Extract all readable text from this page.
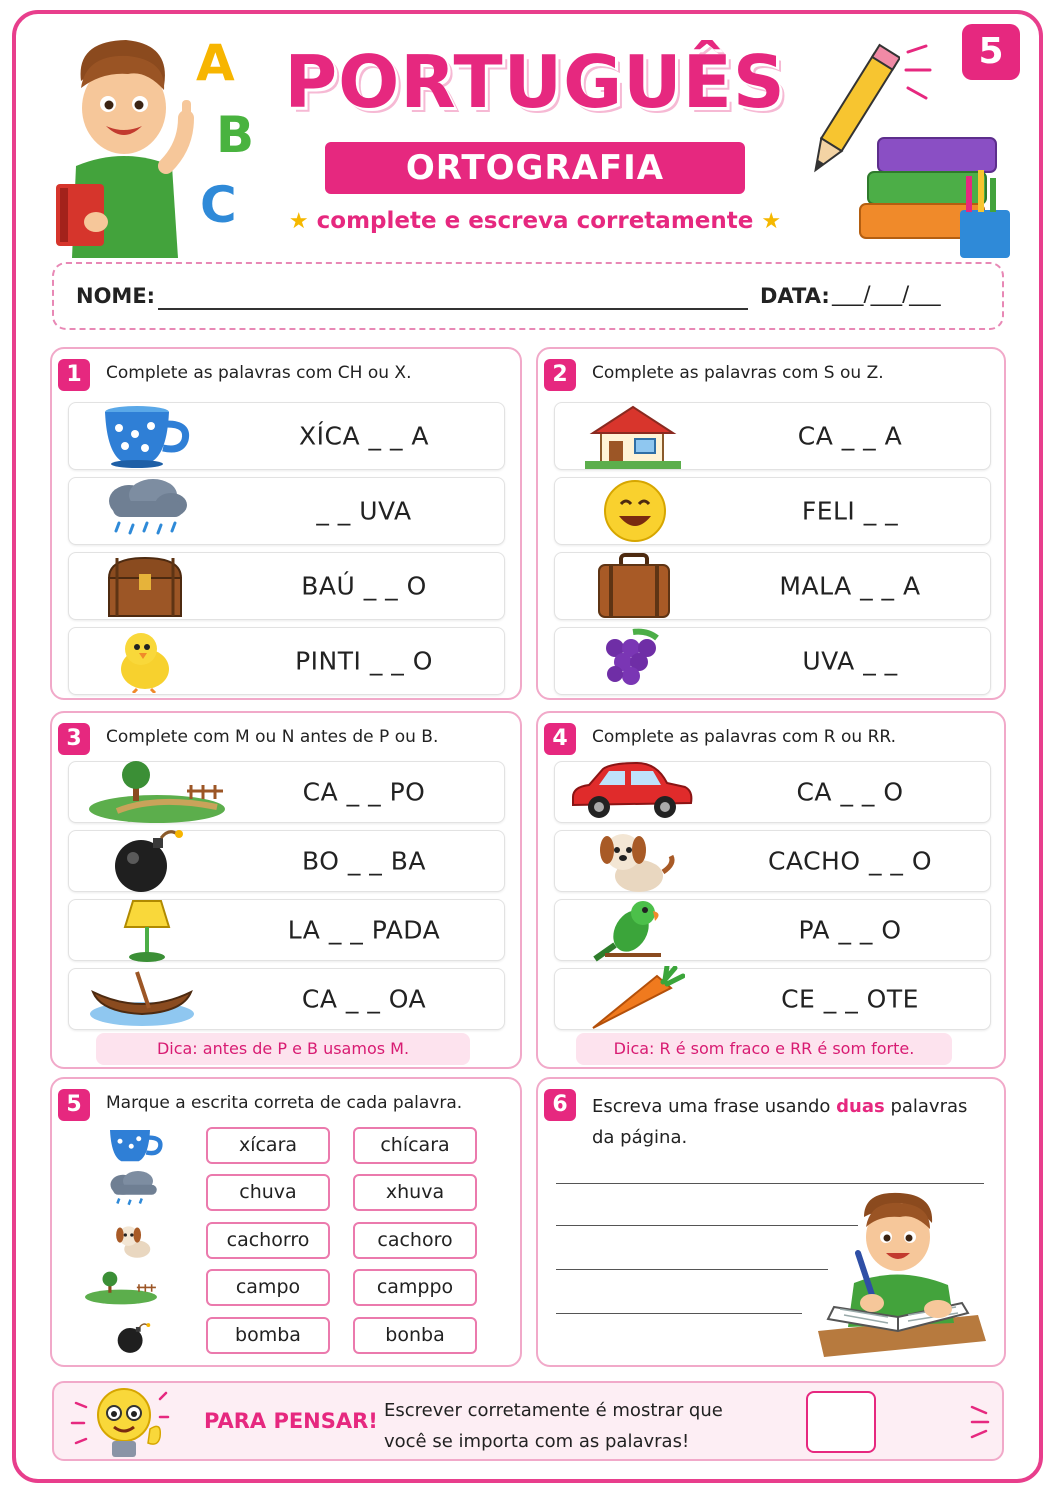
A
B
C
PORTUGUÊS
ORTOGRAFIA
★ complete e escreva corretamente ★
5
NOME:	DATA: ___/___/___
1	Complete as palavras com CH ou X.
XÍCA _ _ A
_ _ UVA
BAÚ _ _ O
PINTI _ _ O
2	Complete as palavras com S ou Z.
CA _ _ A
FELI _ _
MALA _ _ A
UVA _ _
3	Complete com M ou N antes de P ou B.
CA _ _ PO
BO _ _ BA
LA _ _ PADA
CA _ _ OA
Dica: antes de P e B usamos M.
4	Complete as palavras com R ou RR.
CA _ _ O
CACHO _ _ O
PA _ _ O
CE _ _ OTE
Dica: R é som fraco e RR é som forte.
5	Marque a escrita correta de cada palavra.
xícara	chícara
chuva	xhuva
cachorro	cachoro
campo	camppo
bomba	bonba
6	Escreva uma frase usando duas palavras
da página.
PARA PENSAR! Escrever corretamente é mostrar que
você se importa com as palavras!
